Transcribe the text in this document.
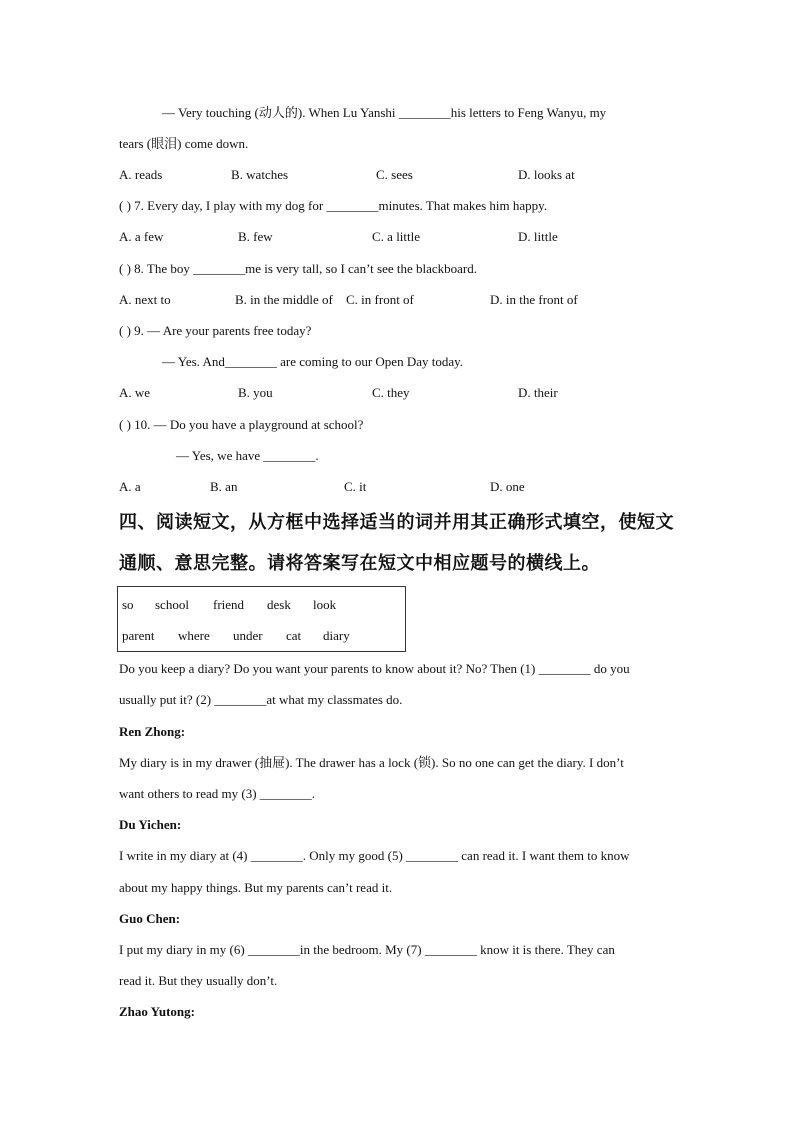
— Very touching (动人的). When Lu Yanshi ________his letters to Feng Wanyu, my
tears (眼泪) come down.
A. reads	B. watches	C. sees	D. looks at
( ) 7. Every day, I play with my dog for ________minutes. That makes him happy.
A. a few	B. few	C. a little	D. little
( ) 8. The boy ________me is very tall, so I can’t see the blackboard.
A. next to	B. in the middle of C. in front of	D. in the front of
( ) 9. — Are your parents free today?
— Yes. And________ are coming to our Open Day today.
A. we	B. you	C. they	D. their
( ) 10. — Do you have a playground at school?
— Yes, we have ________.
A. a	B. an	C. it	D. one
四、阅读短文，从方框中选择适当的词并用其正确形式填空，使短文
通顺、意思完整。请将答案写在短文中相应题号的横线上。
so school friend desk look
parent where under cat diary
Do you keep a diary? Do you want your parents to know about it? No? Then (1) ________ do you
usually put it? (2) ________at what my classmates do.
Ren Zhong:
My diary is in my drawer (抽屉). The drawer has a lock (锁). So no one can get the diary. I don’t
want others to read my (3) ________.
Du Yichen:
I write in my diary at (4) ________. Only my good (5) ________ can read it. I want them to know
about my happy things. But my parents can’t read it.
Guo Chen:
I put my diary in my (6) ________in the bedroom. My (7) ________ know it is there. They can
read it. But they usually don’t.
Zhao Yutong:
